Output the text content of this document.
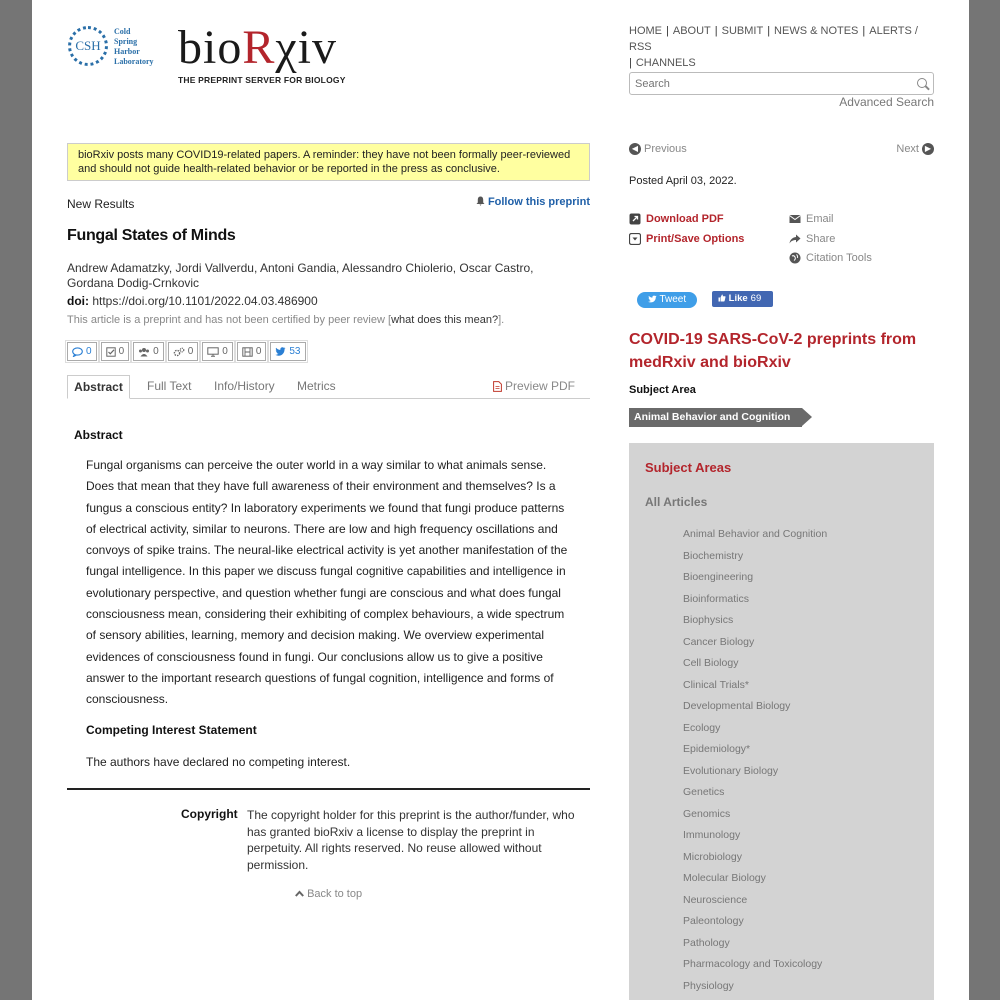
CSH
Cold
Spring
Harbor
Laboratory bioRχiv
THE PREPRINT SERVER FOR BIOLOGY
HOME | ABOUT | SUBMIT | NEWS & NOTES | ALERTS / RSS
| CHANNELS
Search
Advanced Search
bioRxiv posts many COVID19-related papers. A reminder: they have not been formally peer-reviewed and should not guide health-related behavior or be reported in the press as conclusive.
New Results	Follow this preprint
Fungal States of Minds
Andrew Adamatzky, Jordi Vallverdu, Antoni Gandia, Alessandro Chiolerio, Oscar Castro, Gordana Dodig-Crnkovic
doi: https://doi.org/10.1101/2022.04.03.486900
This article is a preprint and has not been certified by peer review [what does this mean?].
0	0	0	0	0	0	53
Abstract	Full Text Info/History Metrics	Preview PDF
Abstract
Fungal organisms can perceive the outer world in a way similar to what animals sense. Does that mean that they have full awareness of their environment and themselves? Is a fungus a conscious entity? In laboratory experiments we found that fungi produce patterns of electrical activity, similar to neurons. There are low and high frequency oscillations and convoys of spike trains. The neural-like electrical activity is yet another manifestation of the fungal intelligence. In this paper we discuss fungal cognitive capabilities and intelligence in evolutionary perspective, and question whether fungi are conscious and what does fungal consciousness mean, considering their exhibiting of complex behaviours, a wide spectrum of sensory abilities, learning, memory and decision making. We overview experimental evidences of consciousness found in fungi. Our conclusions allow us to give a positive answer to the important research questions of fungal cognition, intelligence and forms of consciousness.
Competing Interest Statement
The authors have declared no competing interest.
Copyright The copyright holder for this preprint is the author/funder, who has granted bioRxiv a license to display the preprint in perpetuity. All rights reserved. No reuse allowed without permission.
Back to top
◀ Previous	Next ▶
Posted April 03, 2022.
Download PDF
Print/Save Options
Email
Share
Citation Tools
Tweet	Like 69
COVID-19 SARS-CoV-2 preprints from medRxiv and bioRxiv
Subject Area
Animal Behavior and Cognition
Subject Areas
All Articles
Animal Behavior and Cognition
Biochemistry
Bioengineering
Bioinformatics
Biophysics
Cancer Biology
Cell Biology
Clinical Trials*
Developmental Biology
Ecology
Epidemiology*
Evolutionary Biology
Genetics
Genomics
Immunology
Microbiology
Molecular Biology
Neuroscience
Paleontology
Pathology
Pharmacology and Toxicology
Physiology
